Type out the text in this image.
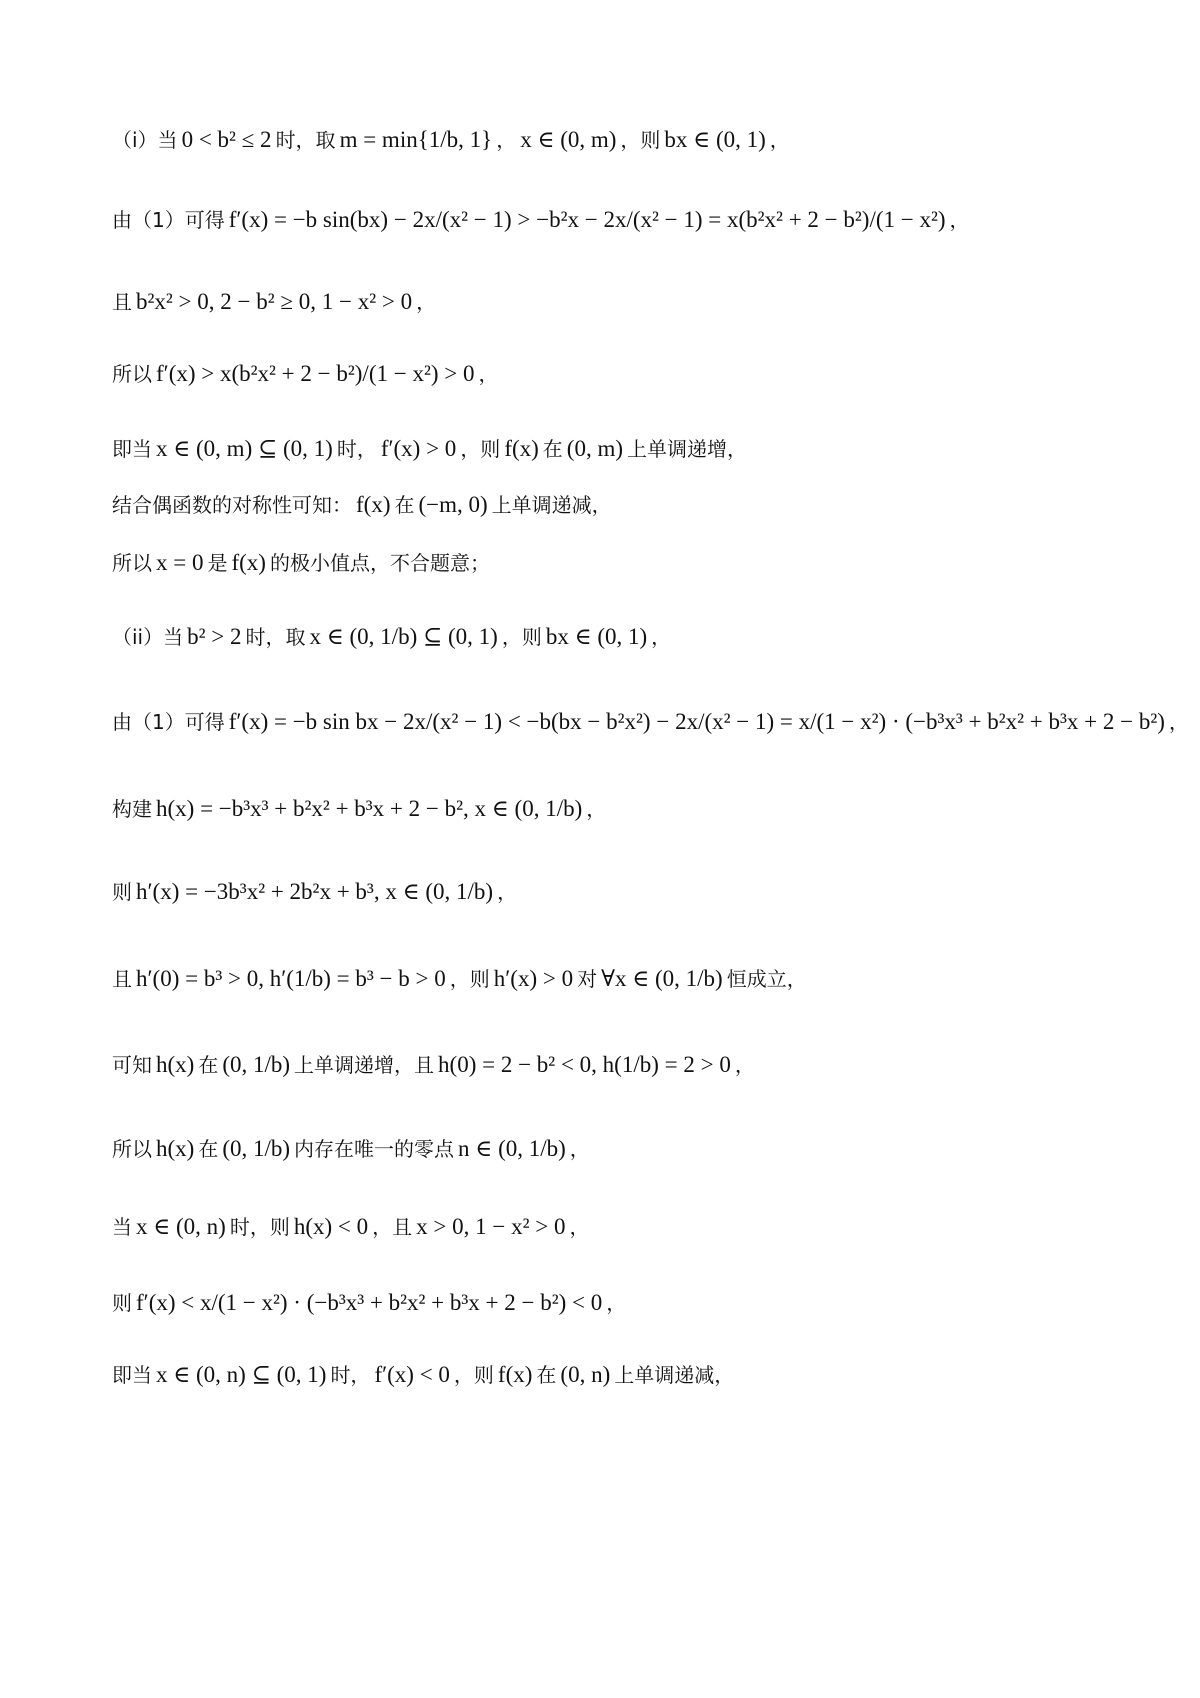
（i）当 0 < b² ≤ 2 时，取 m = min{1/b, 1} ， x ∈ (0, m) ，则 bx ∈ (0, 1) ，
由（1）可得 f′(x) = −b sin(bx) − 2x/(x² − 1) > −b²x − 2x/(x² − 1) = x(b²x² + 2 − b²)/(1 − x²) ，
且 b²x² > 0, 2 − b² ≥ 0, 1 − x² > 0 ，
所以 f′(x) > x(b²x² + 2 − b²)/(1 − x²) > 0 ，
即当 x ∈ (0, m) ⊆ (0, 1) 时， f′(x) > 0 ，则 f(x) 在 (0, m) 上单调递增，
结合偶函数的对称性可知： f(x) 在 (−m, 0) 上单调递减，
所以 x = 0 是 f(x) 的极小值点，不合题意；
（ii）当 b² > 2 时，取 x ∈ (0, 1/b) ⊆ (0, 1) ，则 bx ∈ (0, 1) ，
由（1）可得 f′(x) = −b sin bx − 2x/(x² − 1) < −b(bx − b²x²) − 2x/(x² − 1) = x/(1 − x²) · (−b³x³ + b²x² + b³x + 2 − b²) ，
构建 h(x) = −b³x³ + b²x² + b³x + 2 − b², x ∈ (0, 1/b) ，
则 h′(x) = −3b³x² + 2b²x + b³, x ∈ (0, 1/b) ，
且 h′(0) = b³ > 0, h′(1/b) = b³ − b > 0 ，则 h′(x) > 0 对 ∀x ∈ (0, 1/b) 恒成立，
可知 h(x) 在 (0, 1/b) 上单调递增，且 h(0) = 2 − b² < 0, h(1/b) = 2 > 0 ，
所以 h(x) 在 (0, 1/b) 内存在唯一的零点 n ∈ (0, 1/b) ，
当 x ∈ (0, n) 时，则 h(x) < 0 ，且 x > 0, 1 − x² > 0 ，
则 f′(x) < x/(1 − x²) · (−b³x³ + b²x² + b³x + 2 − b²) < 0 ，
即当 x ∈ (0, n) ⊆ (0, 1) 时， f′(x) < 0 ，则 f(x) 在 (0, n) 上单调递减，
